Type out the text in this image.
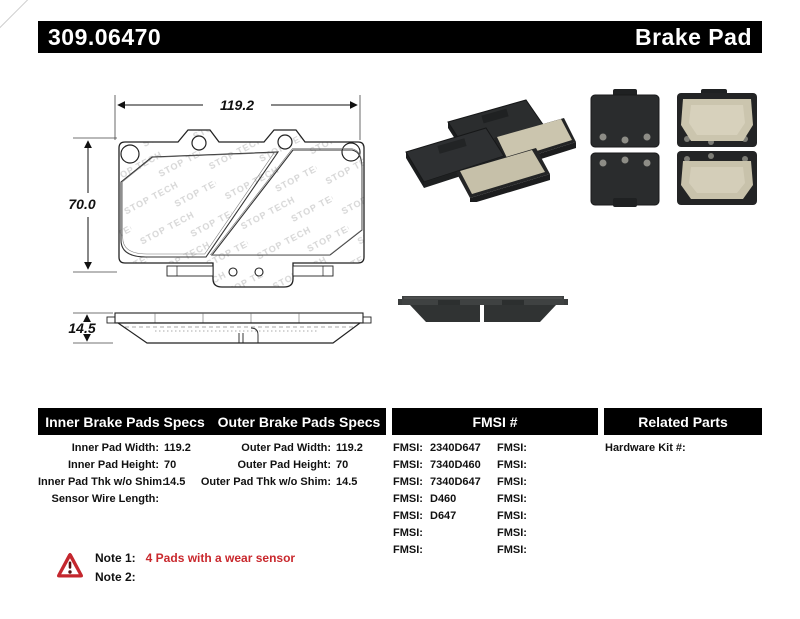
309.06470	Brake Pad
119.2
70.0
14.5
Inner Brake Pads Specs Outer Brake Pads Specs	FMSI #	Related Parts
Inner Pad Width: 119.2
Inner Pad Height: 70
Inner Pad Thk w/o Shim:
14.5
Sensor Wire Length:
Outer Pad Width: 119.2
Outer Pad Height: 70
Outer Pad Thk w/o Shim: 14.5
FMSI: 2340D647
FMSI: 7340D460
FMSI: 7340D647
FMSI: D460
FMSI: D647
FMSI:
FMSI:
FMSI:
FMSI:
FMSI:
FMSI:
FMSI:
FMSI:
FMSI:
Hardware Kit #:
Note 1: 4 Pads with a wear sensor
Note 2:
